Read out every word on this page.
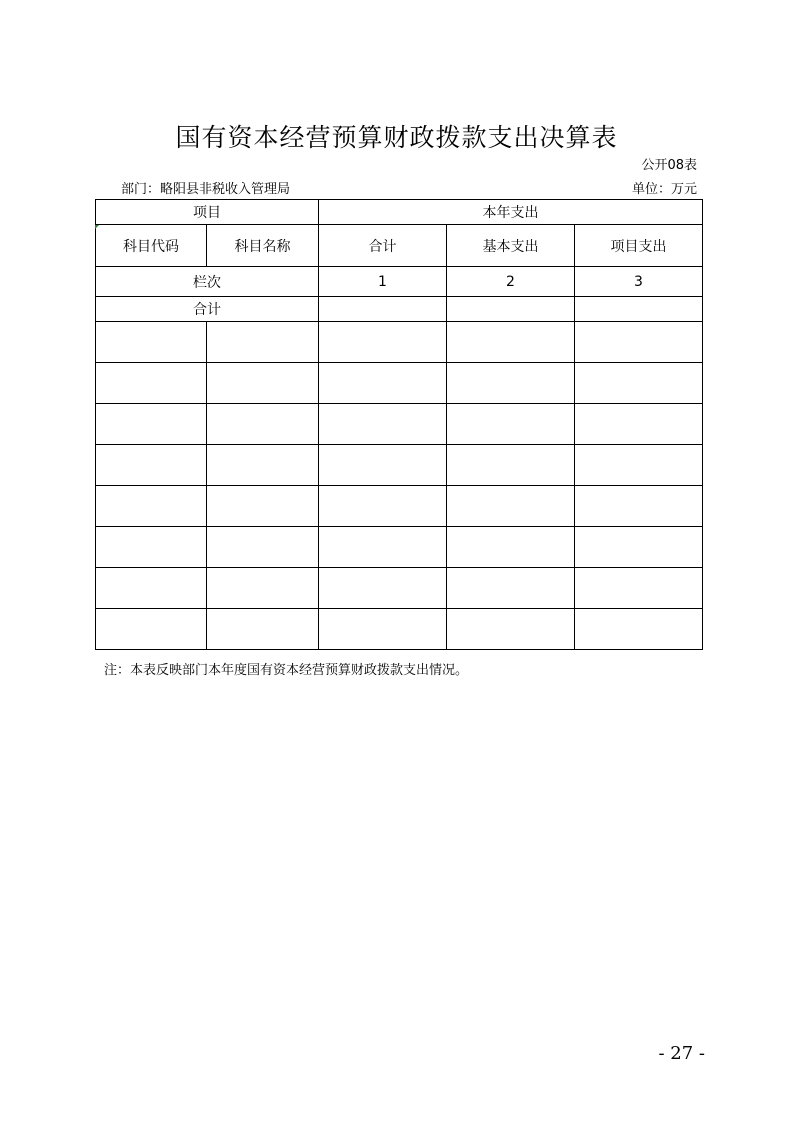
国有资本经营预算财政拨款支出决算表
公开08表
部门：略阳县非税收入管理局	单位：万元
项目		本年支出		
科目代码	科目名称	合计	基本支出	项目支出
栏次		1	2	3
合计				

注：本表反映部门本年度国有资本经营预算财政拨款支出情况。
- 27 -
